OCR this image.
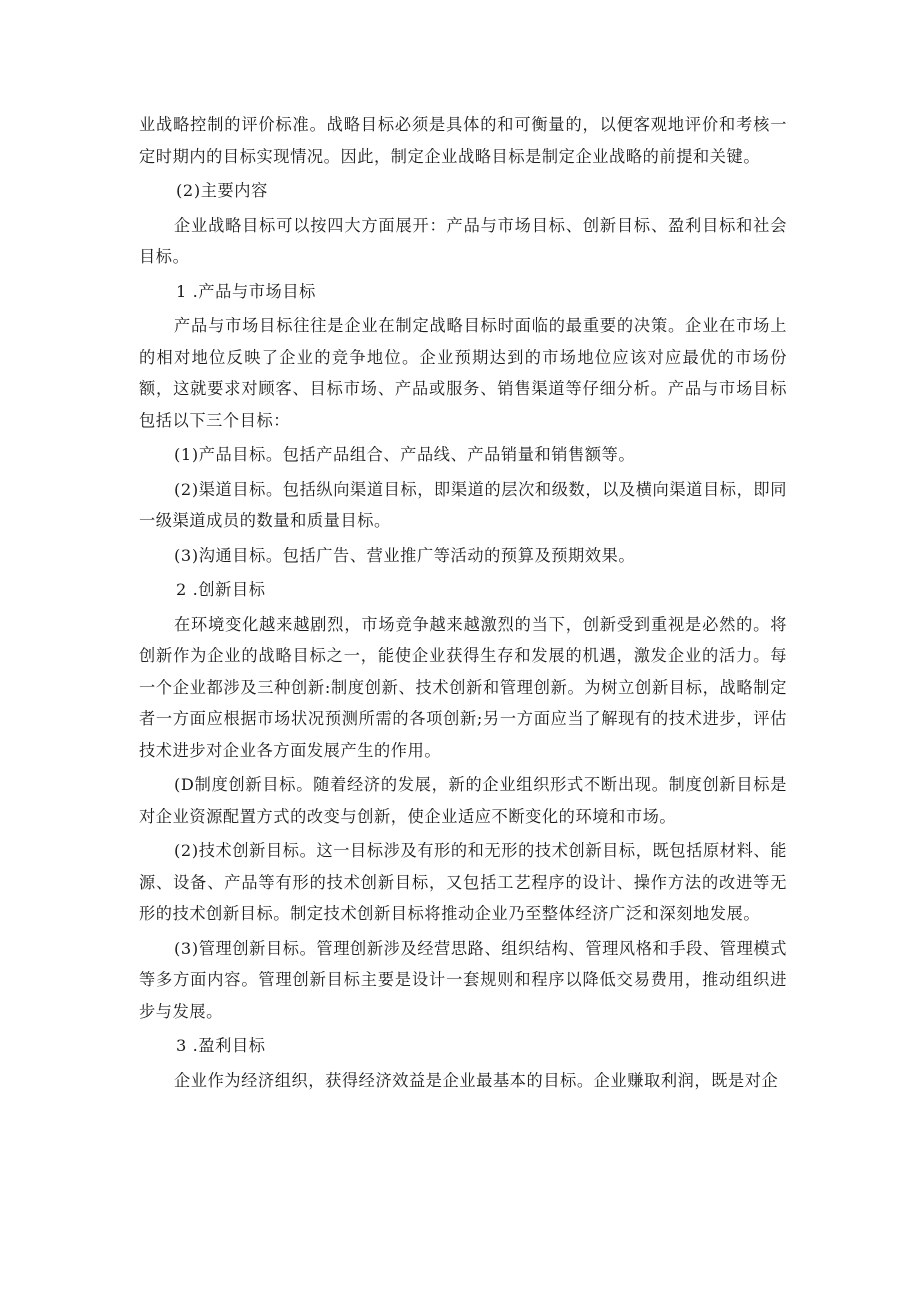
业战略控制的评价标准。战略目标必须是具体的和可衡量的，以便客观地评价和考核一定时期内的目标实现情况。因此，制定企业战略目标是制定企业战略的前提和关键。

(2)主要内容

企业战略目标可以按四大方面展开：产品与市场目标、创新目标、盈利目标和社会目标。

1 .产品与市场目标

产品与市场目标往往是企业在制定战略目标时面临的最重要的决策。企业在市场上的相对地位反映了企业的竞争地位。企业预期达到的市场地位应该对应最优的市场份额，这就要求对顾客、目标市场、产品或服务、销售渠道等仔细分析。产品与市场目标包括以下三个目标：

(1)产品目标。包括产品组合、产品线、产品销量和销售额等。

(2)渠道目标。包括纵向渠道目标，即渠道的层次和级数，以及横向渠道目标，即同一级渠道成员的数量和质量目标。

(3)沟通目标。包括广告、营业推广等活动的预算及预期效果。

2 .创新目标

在环境变化越来越剧烈，市场竞争越来越激烈的当下，创新受到重视是必然的。将创新作为企业的战略目标之一，能使企业获得生存和发展的机遇，激发企业的活力。每一个企业都涉及三种创新:制度创新、技术创新和管理创新。为树立创新目标，战略制定者一方面应根据市场状况预测所需的各项创新;另一方面应当了解现有的技术进步，评估技术进步对企业各方面发展产生的作用。

(D制度创新目标。随着经济的发展，新的企业组织形式不断出现。制度创新目标是对企业资源配置方式的改变与创新，使企业适应不断变化的环境和市场。

(2)技术创新目标。这一目标涉及有形的和无形的技术创新目标，既包括原材料、能源、设备、产品等有形的技术创新目标，又包括工艺程序的设计、操作方法的改进等无形的技术创新目标。制定技术创新目标将推动企业乃至整体经济广泛和深刻地发展。

(3)管理创新目标。管理创新涉及经营思路、组织结构、管理风格和手段、管理模式等多方面内容。管理创新目标主要是设计一套规则和程序以降低交易费用，推动组织进步与发展。

3 .盈利目标

企业作为经济组织，获得经济效益是企业最基本的目标。企业赚取利润，既是对企
